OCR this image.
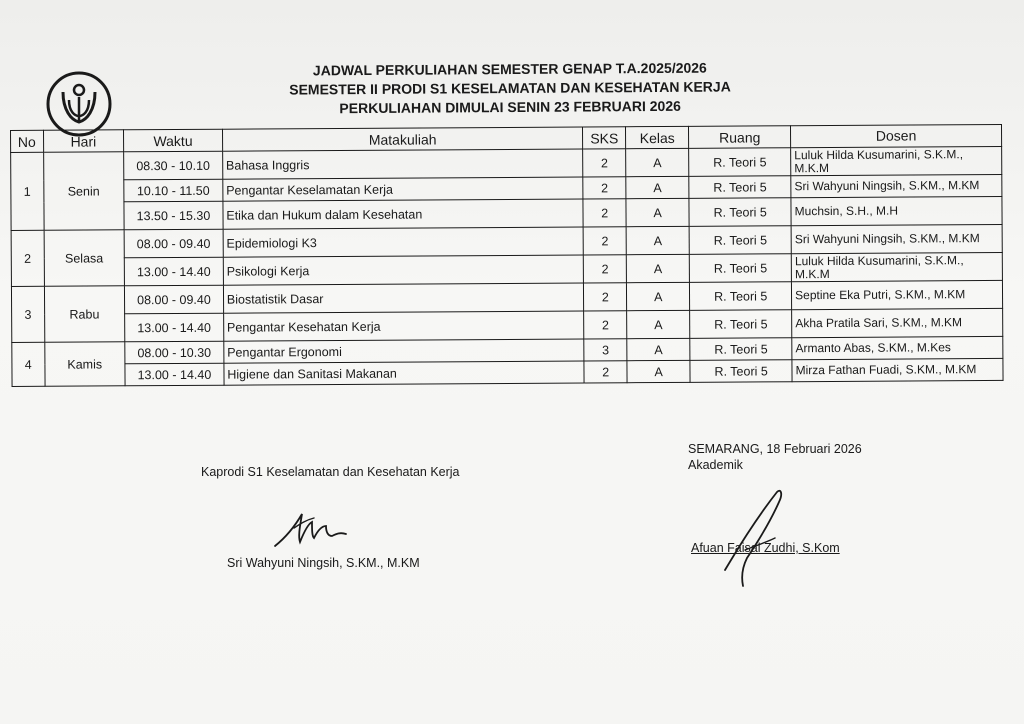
JADWAL PERKULIAHAN SEMESTER GENAP T.A.2025/2026
SEMESTER II PRODI S1 KESELAMATAN DAN KESEHATAN KERJA
PERKULIAHAN DIMULAI SENIN 23 FEBRUARI 2026
No	Hari	Waktu	Matakuliah	SKS	Kelas	Ruang	Dosen
1	Senin	08.30 - 10.10	Bahasa Inggris	2	A	R. Teori 5	Luluk Hilda Kusumarini, S.K.M., M.K.M
		10.10 - 11.50	Pengantar Keselamatan Kerja	2	A	R. Teori 5	Sri Wahyuni Ningsih, S.KM., M.KM
		13.50 - 15.30	Etika dan Hukum dalam Kesehatan	2	A	R. Teori 5	Muchsin, S.H., M.H
2	Selasa	08.00 - 09.40	Epidemiologi K3	2	A	R. Teori 5	Sri Wahyuni Ningsih, S.KM., M.KM
		13.00 - 14.40	Psikologi Kerja	2	A	R. Teori 5	Luluk Hilda Kusumarini, S.K.M., M.K.M
3	Rabu	08.00 - 09.40	Biostatistik Dasar	2	A	R. Teori 5	Septine Eka Putri, S.KM., M.KM
		13.00 - 14.40	Pengantar Kesehatan Kerja	2	A	R. Teori 5	Akha Pratila Sari, S.KM., M.KM
4	Kamis	08.00 - 10.30	Pengantar Ergonomi	3	A	R. Teori 5	Armanto Abas, S.KM., M.Kes
		13.00 - 14.40	Higiene dan Sanitasi Makanan	2	A	R. Teori 5	Mirza Fathan Fuadi, S.KM., M.KM
Kaprodi S1 Keselamatan dan Kesehatan Kerja
Sri Wahyuni Ningsih, S.KM., M.KM
SEMARANG, 18 Februari 2026
Akademik
Afuan Faisal Zudhi, S.Kom
